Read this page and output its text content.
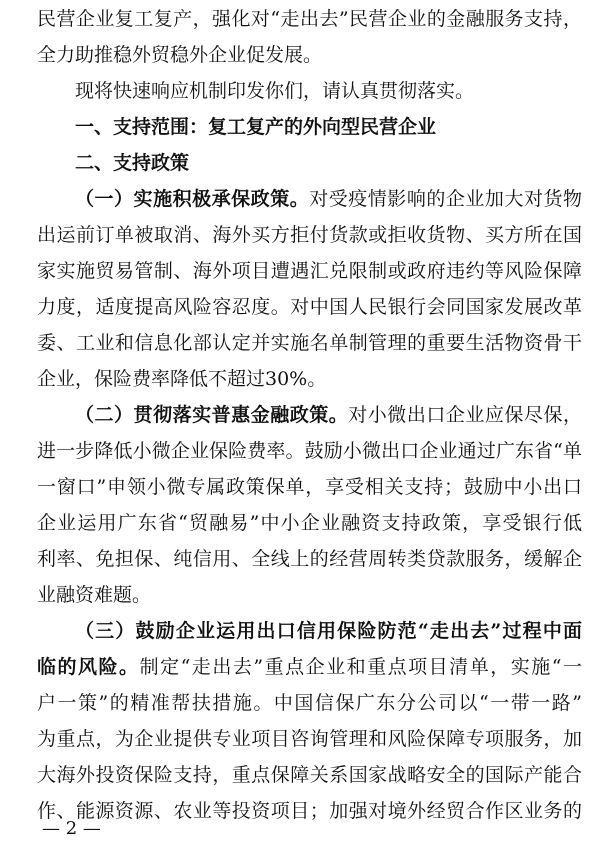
民营企业复工复产，强化对“走出去”民营企业的金融服务支持，
全力助推稳外贸稳外企业促发展。
现将快速响应机制印发你们，请认真贯彻落实。
一、支持范围：复工复产的外向型民营企业
二、支持政策
（一）实施积极承保政策。对受疫情影响的企业加大对货物
出运前订单被取消、海外买方拒付货款或拒收货物、买方所在国
家实施贸易管制、海外项目遭遇汇兑限制或政府违约等风险保障
力度，适度提高风险容忍度。对中国人民银行会同国家发展改革
委、工业和信息化部认定并实施名单制管理的重要生活物资骨干
企业，保险费率降低不超过30%。
（二）贯彻落实普惠金融政策。对小微出口企业应保尽保，
进一步降低小微企业保险费率。鼓励小微出口企业通过广东省“单
一窗口”申领小微专属政策保单，享受相关支持；鼓励中小出口
企业运用广东省“贸融易”中小企业融资支持政策，享受银行低
利率、免担保、纯信用、全线上的经营周转类贷款服务，缓解企
业融资难题。
（三）鼓励企业运用出口信用保险防范“走出去”过程中面
临的风险。制定“走出去”重点企业和重点项目清单，实施“一
户一策”的精准帮扶措施。中国信保广东分公司以“一带一路”
为重点，为企业提供专业项目咨询管理和风险保障专项服务，加
大海外投资保险支持，重点保障关系国家战略安全的国际产能合
作、能源资源、农业等投资项目；加强对境外经贸合作区业务的
— 2 —
